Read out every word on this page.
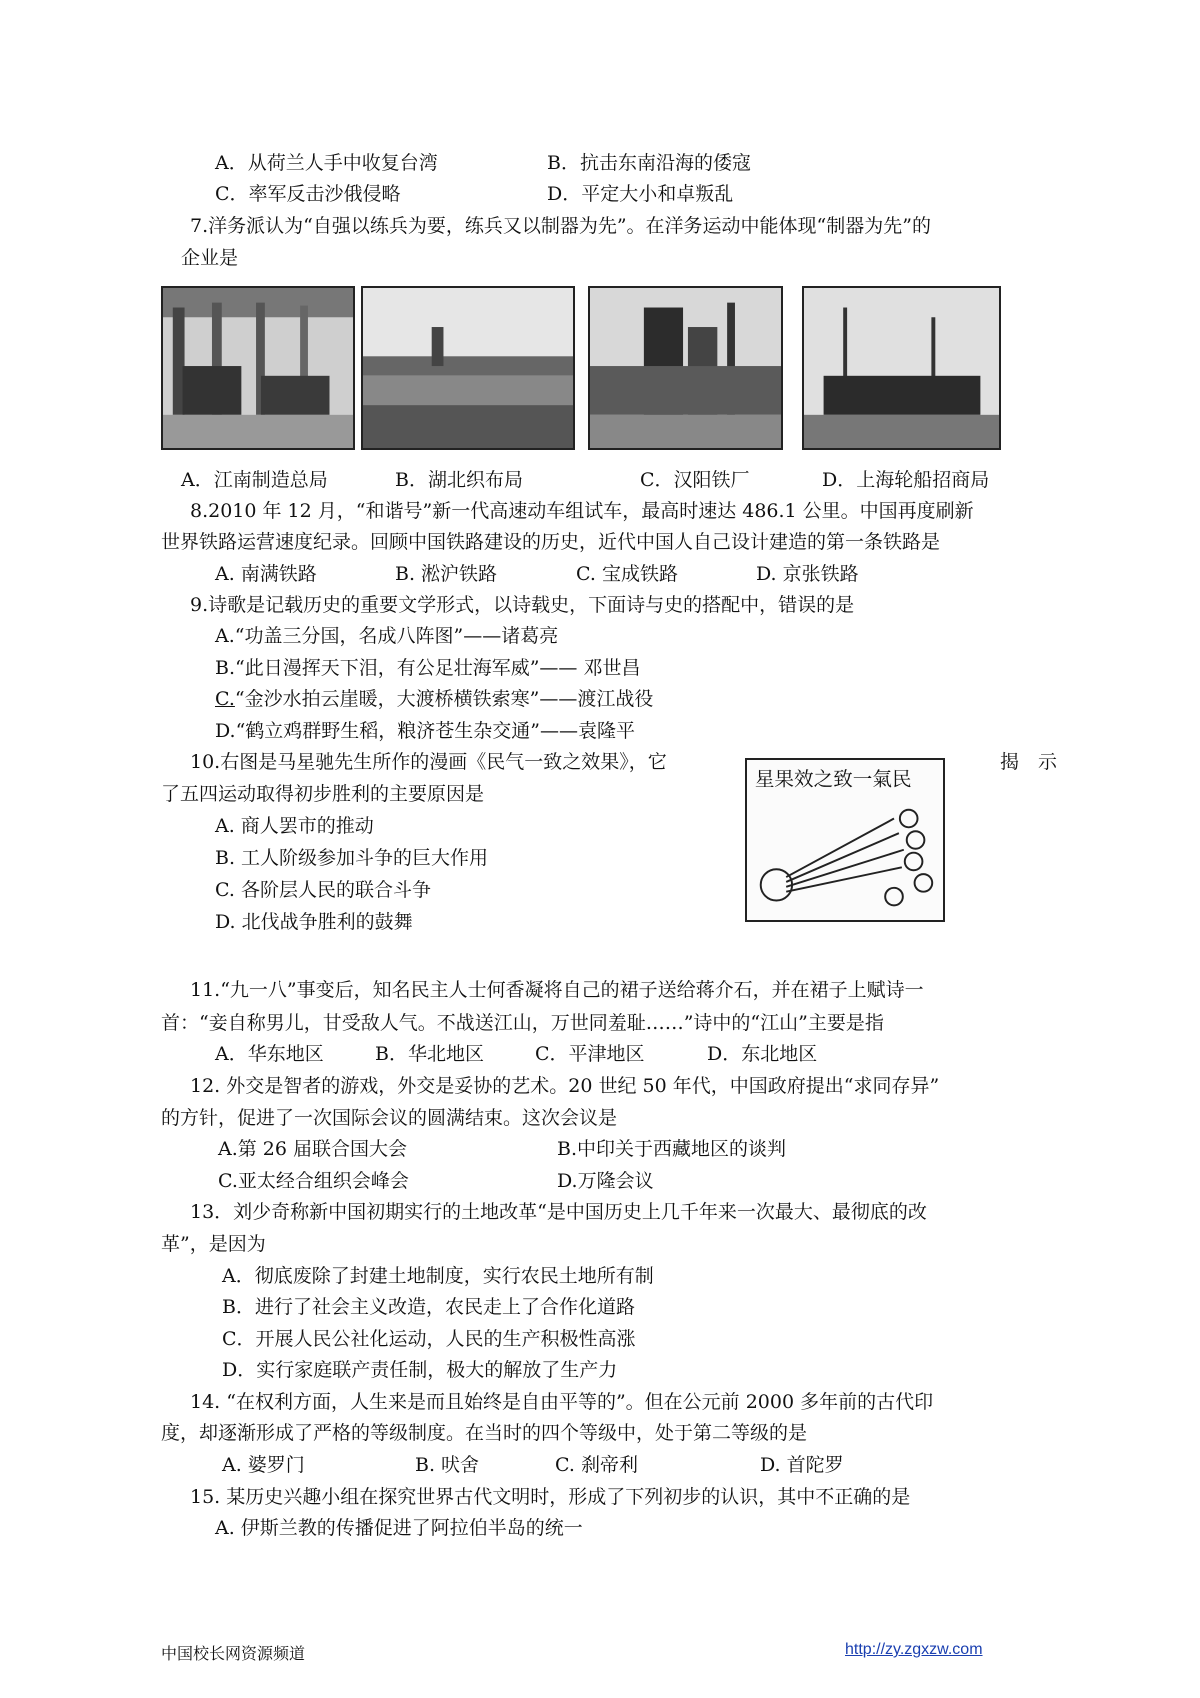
A．从荷兰人手中收复台湾	B．抗击东南沿海的倭寇
C．率军反击沙俄侵略	D．平定大小和卓叛乱
7.洋务派认为“自强以练兵为要，练兵又以制器为先”。在洋务运动中能体现“制器为先”的
企业是
A．江南制造总局	B．湖北织布局	C．汉阳铁厂	D．上海轮船招商局
8.2010 年 12 月，“和谐号”新一代高速动车组试车，最高时速达 486.1 公里。中国再度刷新
世界铁路运营速度纪录。回顾中国铁路建设的历史，近代中国人自己设计建造的第一条铁路是
A. 南满铁路	B. 淞沪铁路	C. 宝成铁路	D. 京张铁路
9.诗歌是记载历史的重要文学形式，以诗载史，下面诗与史的搭配中，错误的是
A.“功盖三分国，名成八阵图”——诸葛亮
B.“此日漫挥天下泪，有公足壮海军威”—— 邓世昌
C.“金沙水拍云崖暖，大渡桥横铁索寒”——渡江战役
D.“鹤立鸡群野生稻，粮济苍生杂交通”——袁隆平
10.右图是马星驰先生所作的漫画《民气一致之效果》，它	揭　示
了五四运动取得初步胜利的主要原因是
A. 商人罢市的推动
B. 工人阶级参加斗争的巨大作用
C. 各阶层人民的联合斗争
D. 北伐战争胜利的鼓舞
星果效之致一氣民
11.“九一八”事变后，知名民主人士何香凝将自己的裙子送给蒋介石，并在裙子上赋诗一
首：“妾自称男儿，甘受敌人气。不战送江山，万世同羞耻……”诗中的“江山”主要是指
A．华东地区	B．华北地区	C．平津地区	D．东北地区
12. 外交是智者的游戏，外交是妥协的艺术。20 世纪 50 年代，中国政府提出“求同存异”
的方针，促进了一次国际会议的圆满结束。这次会议是
A.第 26 届联合国大会	B.中印关于西藏地区的谈判
C.亚太经合组织会峰会	D.万隆会议
13．刘少奇称新中国初期实行的土地改革“是中国历史上几千年来一次最大、最彻底的改
革”，是因为
A．彻底废除了封建土地制度，实行农民土地所有制
B．进行了社会主义改造，农民走上了合作化道路
C．开展人民公社化运动，人民的生产积极性高涨
D．实行家庭联产责任制，极大的解放了生产力
14. “在权利方面，人生来是而且始终是自由平等的”。但在公元前 2000 多年前的古代印
度，却逐渐形成了严格的等级制度。在当时的四个等级中，处于第二等级的是
A. 婆罗门	B. 吠舍	C. 刹帝利	D. 首陀罗
15. 某历史兴趣小组在探究世界古代文明时，形成了下列初步的认识，其中不正确的是
A. 伊斯兰教的传播促进了阿拉伯半岛的统一
中国校长网资源频道	http://zy.zgxzw.com
